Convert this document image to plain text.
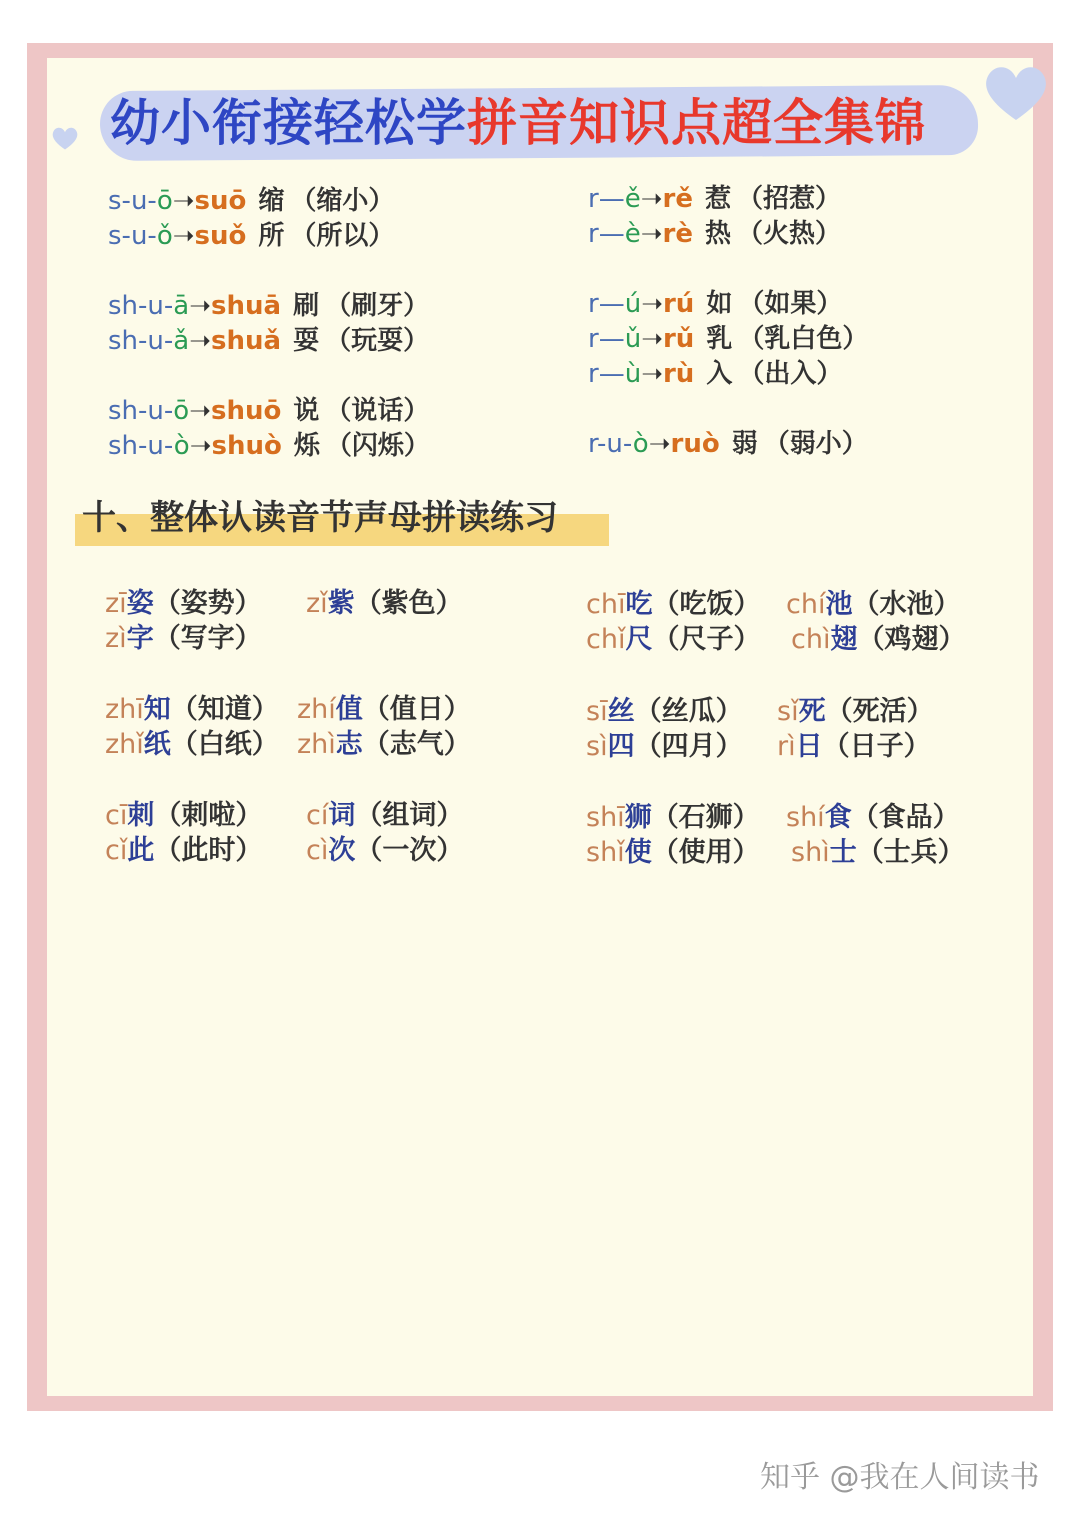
幼小衔接轻松学拼音知识点超全集锦
s-u-ō➝suō 缩 （缩小）
s-u-ǒ➝suǒ 所 （所以）
sh-u-ā➝shuā 刷 （刷牙）
sh-u-ǎ➝shuǎ 耍 （玩耍）
sh-u-ō➝shuō 说 （说话）
sh-u-ò➝shuò 烁 （闪烁）
r—ě➝rě 惹 （招惹）
r—è➝rè 热 （火热）
r—ú➝rú 如 （如果）
r—ǔ➝rǔ 乳 （乳白色）
r—ù➝rù 入 （出入）
r-u-ò➝ruò 弱 （弱小）
十、整体认读音节声母拼读练习
zī姿（姿势） zǐ紫（紫色）
zì字（写字）
zhī知（知道） zhí值（值日）
zhǐ纸（白纸） zhì志（志气）
cī刺（刺啦） cí词（组词）
cǐ此（此时） cì次（一次）
chī吃（吃饭） chí池（水池）
chǐ尺（尺子） chì翅（鸡翅）
sī丝（丝瓜） sǐ死（死活）
sì四（四月） rì日（日子）
shī狮（石狮） shí食（食品）
shǐ使（使用） shì士（士兵）
知乎 @我在人间读书
